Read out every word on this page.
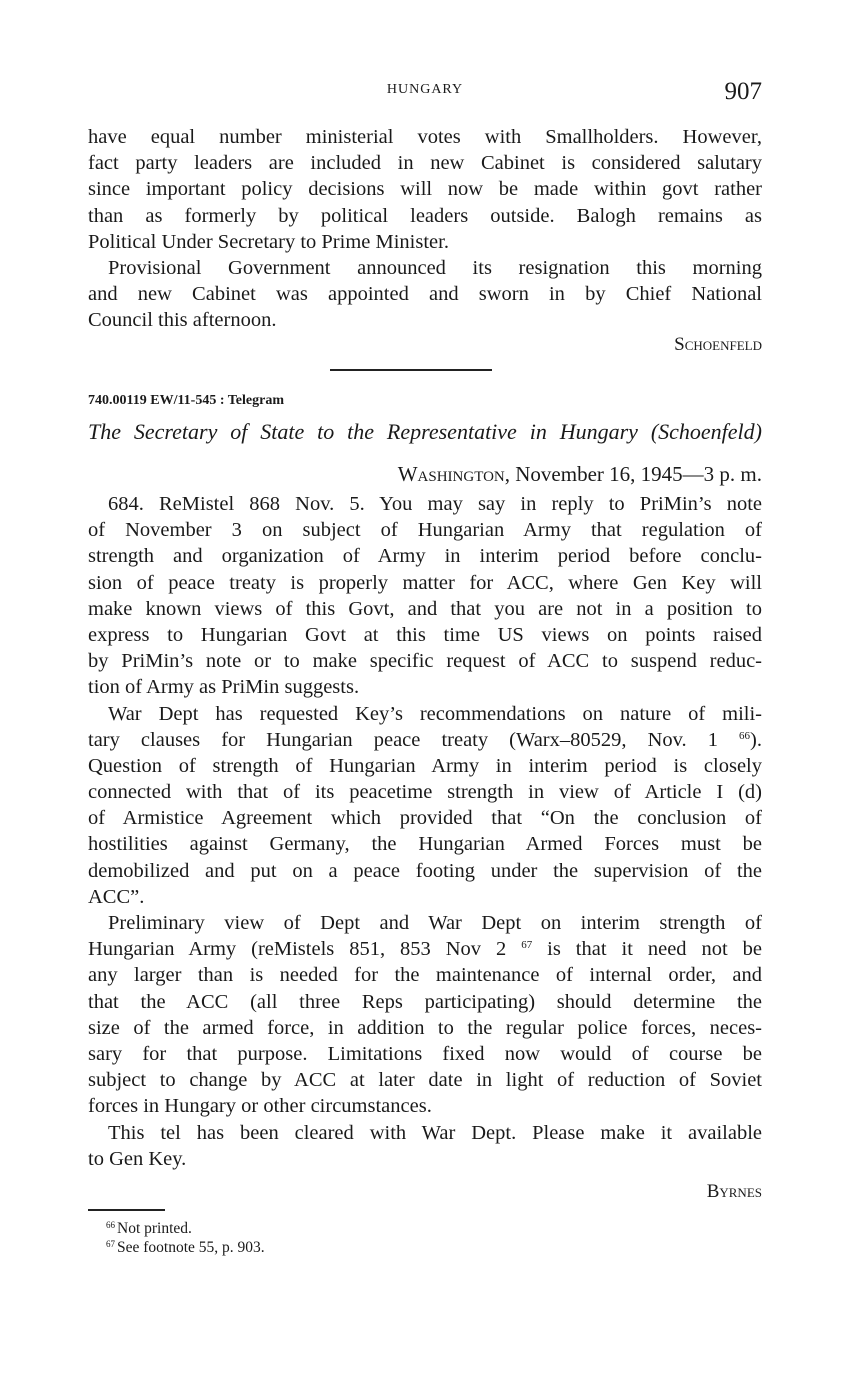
HUNGARY	907
have equal number ministerial votes with Smallholders. However,
fact party leaders are included in new Cabinet is considered salutary
since important policy decisions will now be made within govt rather
than as formerly by political leaders outside. Balogh remains as
Political Under Secretary to Prime Minister.
Provisional Government announced its resignation this morning
and new Cabinet was appointed and sworn in by Chief National
Council this afternoon.
Schoenfeld
740.00119 EW/11-545 : Telegram
The Secretary of State to the Representative in Hungary (Schoenfeld)
Washington, November 16, 1945—3 p. m.
684. ReMistel 868 Nov. 5. You may say in reply to PriMin’s note
of November 3 on subject of Hungarian Army that regulation of
strength and organization of Army in interim period before conclu-
sion of peace treaty is properly matter for ACC, where Gen Key will
make known views of this Govt, and that you are not in a position to
express to Hungarian Govt at this time US views on points raised
by PriMin’s note or to make specific request of ACC to suspend reduc-
tion of Army as PriMin suggests.
War Dept has requested Key’s recommendations on nature of mili-
tary clauses for Hungarian peace treaty (Warx–80529, Nov. 1 $^{66}$).
Question of strength of Hungarian Army in interim period is closely
connected with that of its peacetime strength in view of Article I (d)
of Armistice Agreement which provided that “On the conclusion of
hostilities against Germany, the Hungarian Armed Forces must be
demobilized and put on a peace footing under the supervision of the
ACC”.
Preliminary view of Dept and War Dept on interim strength of
Hungarian Army (reMistels 851, 853 Nov 2 $^{67}$ is that it need not be
any larger than is needed for the maintenance of internal order, and
that the ACC (all three Reps participating) should determine the
size of the armed force, in addition to the regular police forces, neces-
sary for that purpose. Limitations fixed now would of course be
subject to change by ACC at later date in light of reduction of Soviet
forces in Hungary or other circumstances.
This tel has been cleared with War Dept. Please make it available
to Gen Key.
Byrnes
$^{66}$ Not printed.
$^{67}$ See footnote 55, p. 903.
